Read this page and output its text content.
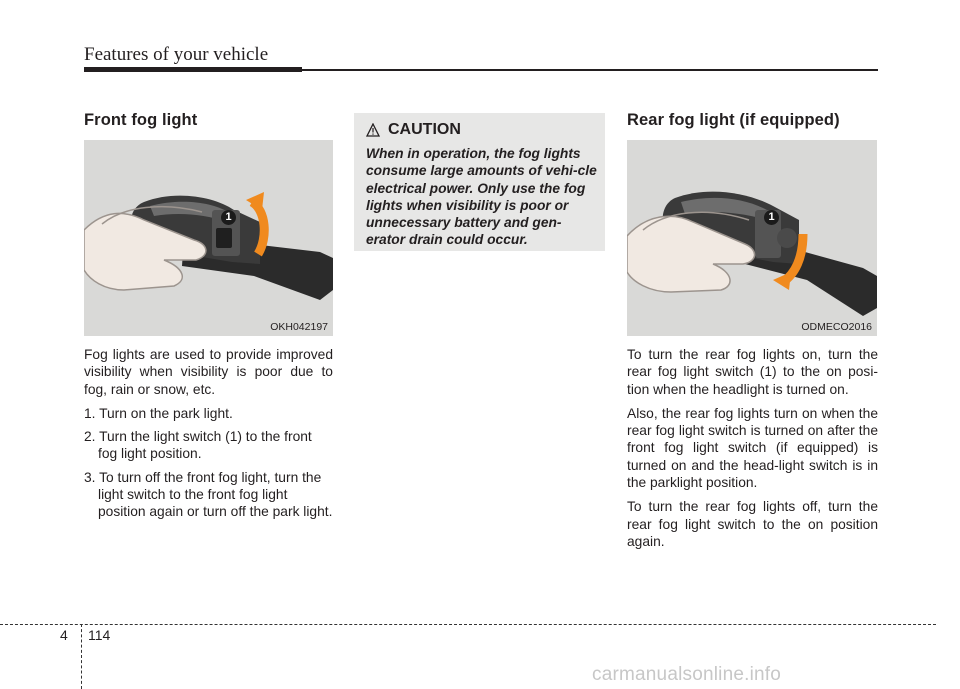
Features of your vehicle
Front fog light
1
OKH042197

Fog lights are used to provide improved visibility when visibility is poor due to fog, rain or snow, etc.

1. Turn on the park light.
2. Turn the light switch (1) to the front fog light position.
3. To turn off the front fog light, turn the light switch to the front fog light position again or turn off the park light.
CAUTION
When in operation, the fog lights consume large amounts of vehi-cle electrical power. Only use the fog lights when visibility is poor or unnecessary battery and gen-erator drain could occur.
Rear fog light (if equipped)
1
ODMECO2016

To turn the rear fog lights on, turn the rear fog light switch (1) to the on posi-tion when the headlight is turned on.

Also, the rear fog lights turn on when the rear fog light switch is turned on after the front fog light switch (if equipped) is turned on and the head-light switch is in the parklight position.

To turn the rear fog lights off, turn the rear fog light switch to the on position again.

4 114
carmanualsonline.info
